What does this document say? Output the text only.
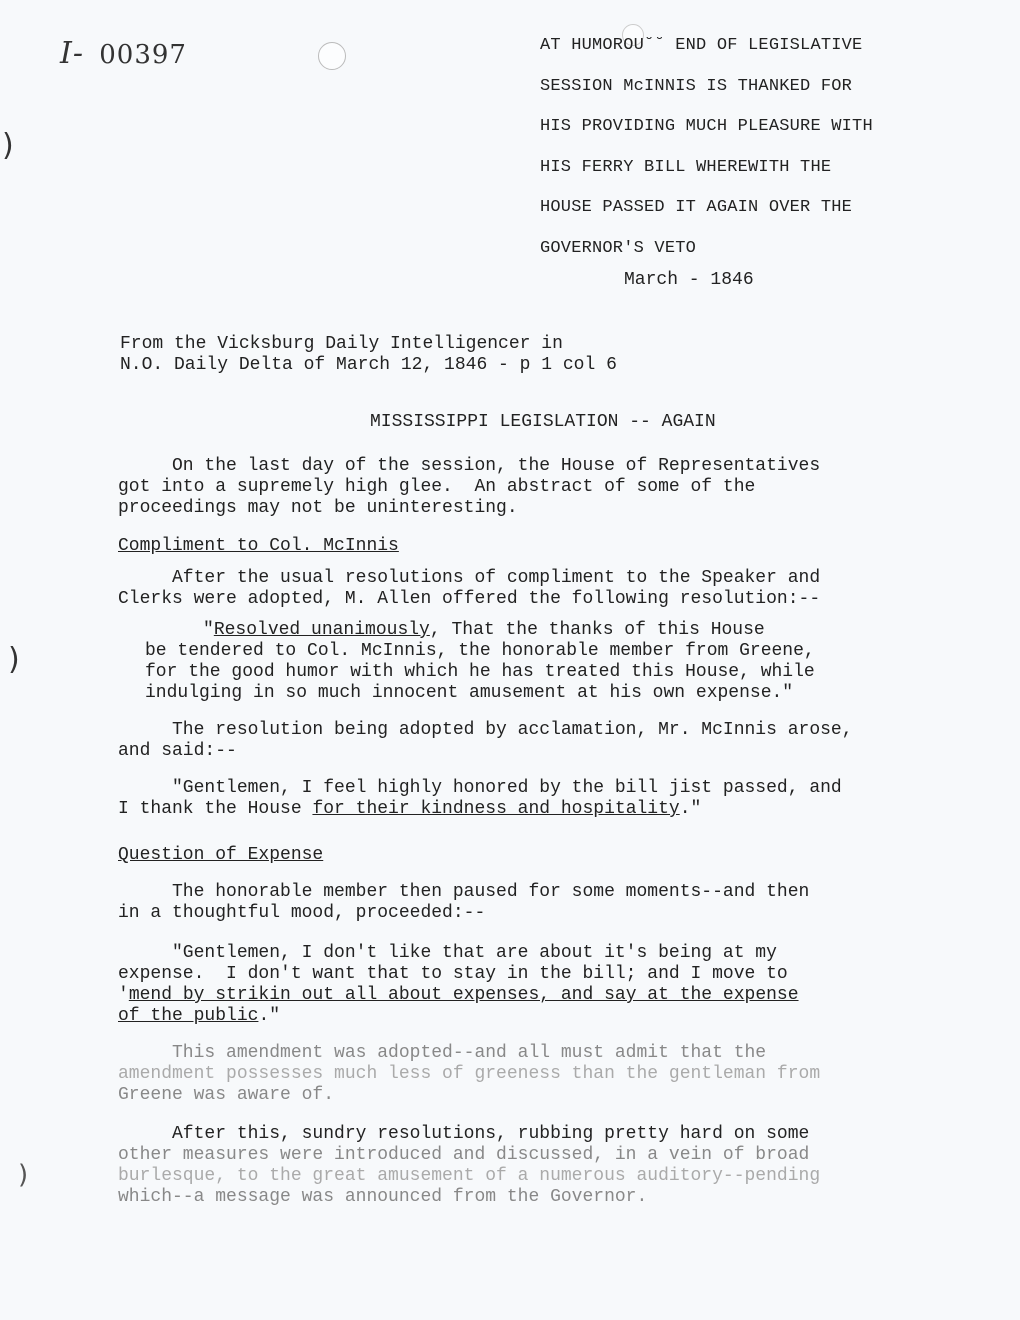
I- 00397
)
)
)
AT HUMOROU˘˘ END OF LEGISLATIVE
SESSION McINNIS IS THANKED FOR
HIS PROVIDING MUCH PLEASURE WITH
HIS FERRY BILL WHEREWITH THE
HOUSE PASSED IT AGAIN OVER THE
GOVERNOR'S VETO
March - 1846
From the Vicksburg Daily Intelligencer in
N.O. Daily Delta of March 12, 1846 - p 1 col 6
MISSISSIPPI LEGISLATION -- AGAIN
On the last day of the session, the House of Representatives
got into a supremely high glee.  An abstract of some of the
proceedings may not be uninteresting.
Compliment to Col. McInnis
After the usual resolutions of compliment to the Speaker and
Clerks were adopted, M. Allen offered the following resolution:--
"Resolved unanimously, That the thanks of this House
be tendered to Col. McInnis, the honorable member from Greene,
for the good humor with which he has treated this House, while
indulging in so much innocent amusement at his own expense."
The resolution being adopted by acclamation, Mr. McInnis arose,
and said:--
"Gentlemen, I feel highly honored by the bill jist passed, and
I thank the House for their kindness and hospitality."
Question of Expense
The honorable member then paused for some moments--and then
in a thoughtful mood, proceeded:--
"Gentlemen, I don't like that are about it's being at my
expense.  I don't want that to stay in the bill; and I move to
'mend by strikin out all about expenses, and say at the expense
of the public."
This amendment was adopted--and all must admit that the
amendment possesses much less of greeness than the gentleman from
Greene was aware of.
After this, sundry resolutions, rubbing pretty hard on some
other measures were introduced and discussed, in a vein of broad
burlesque, to the great amusement of a numerous auditory--pending
which--a message was announced from the Governor.
